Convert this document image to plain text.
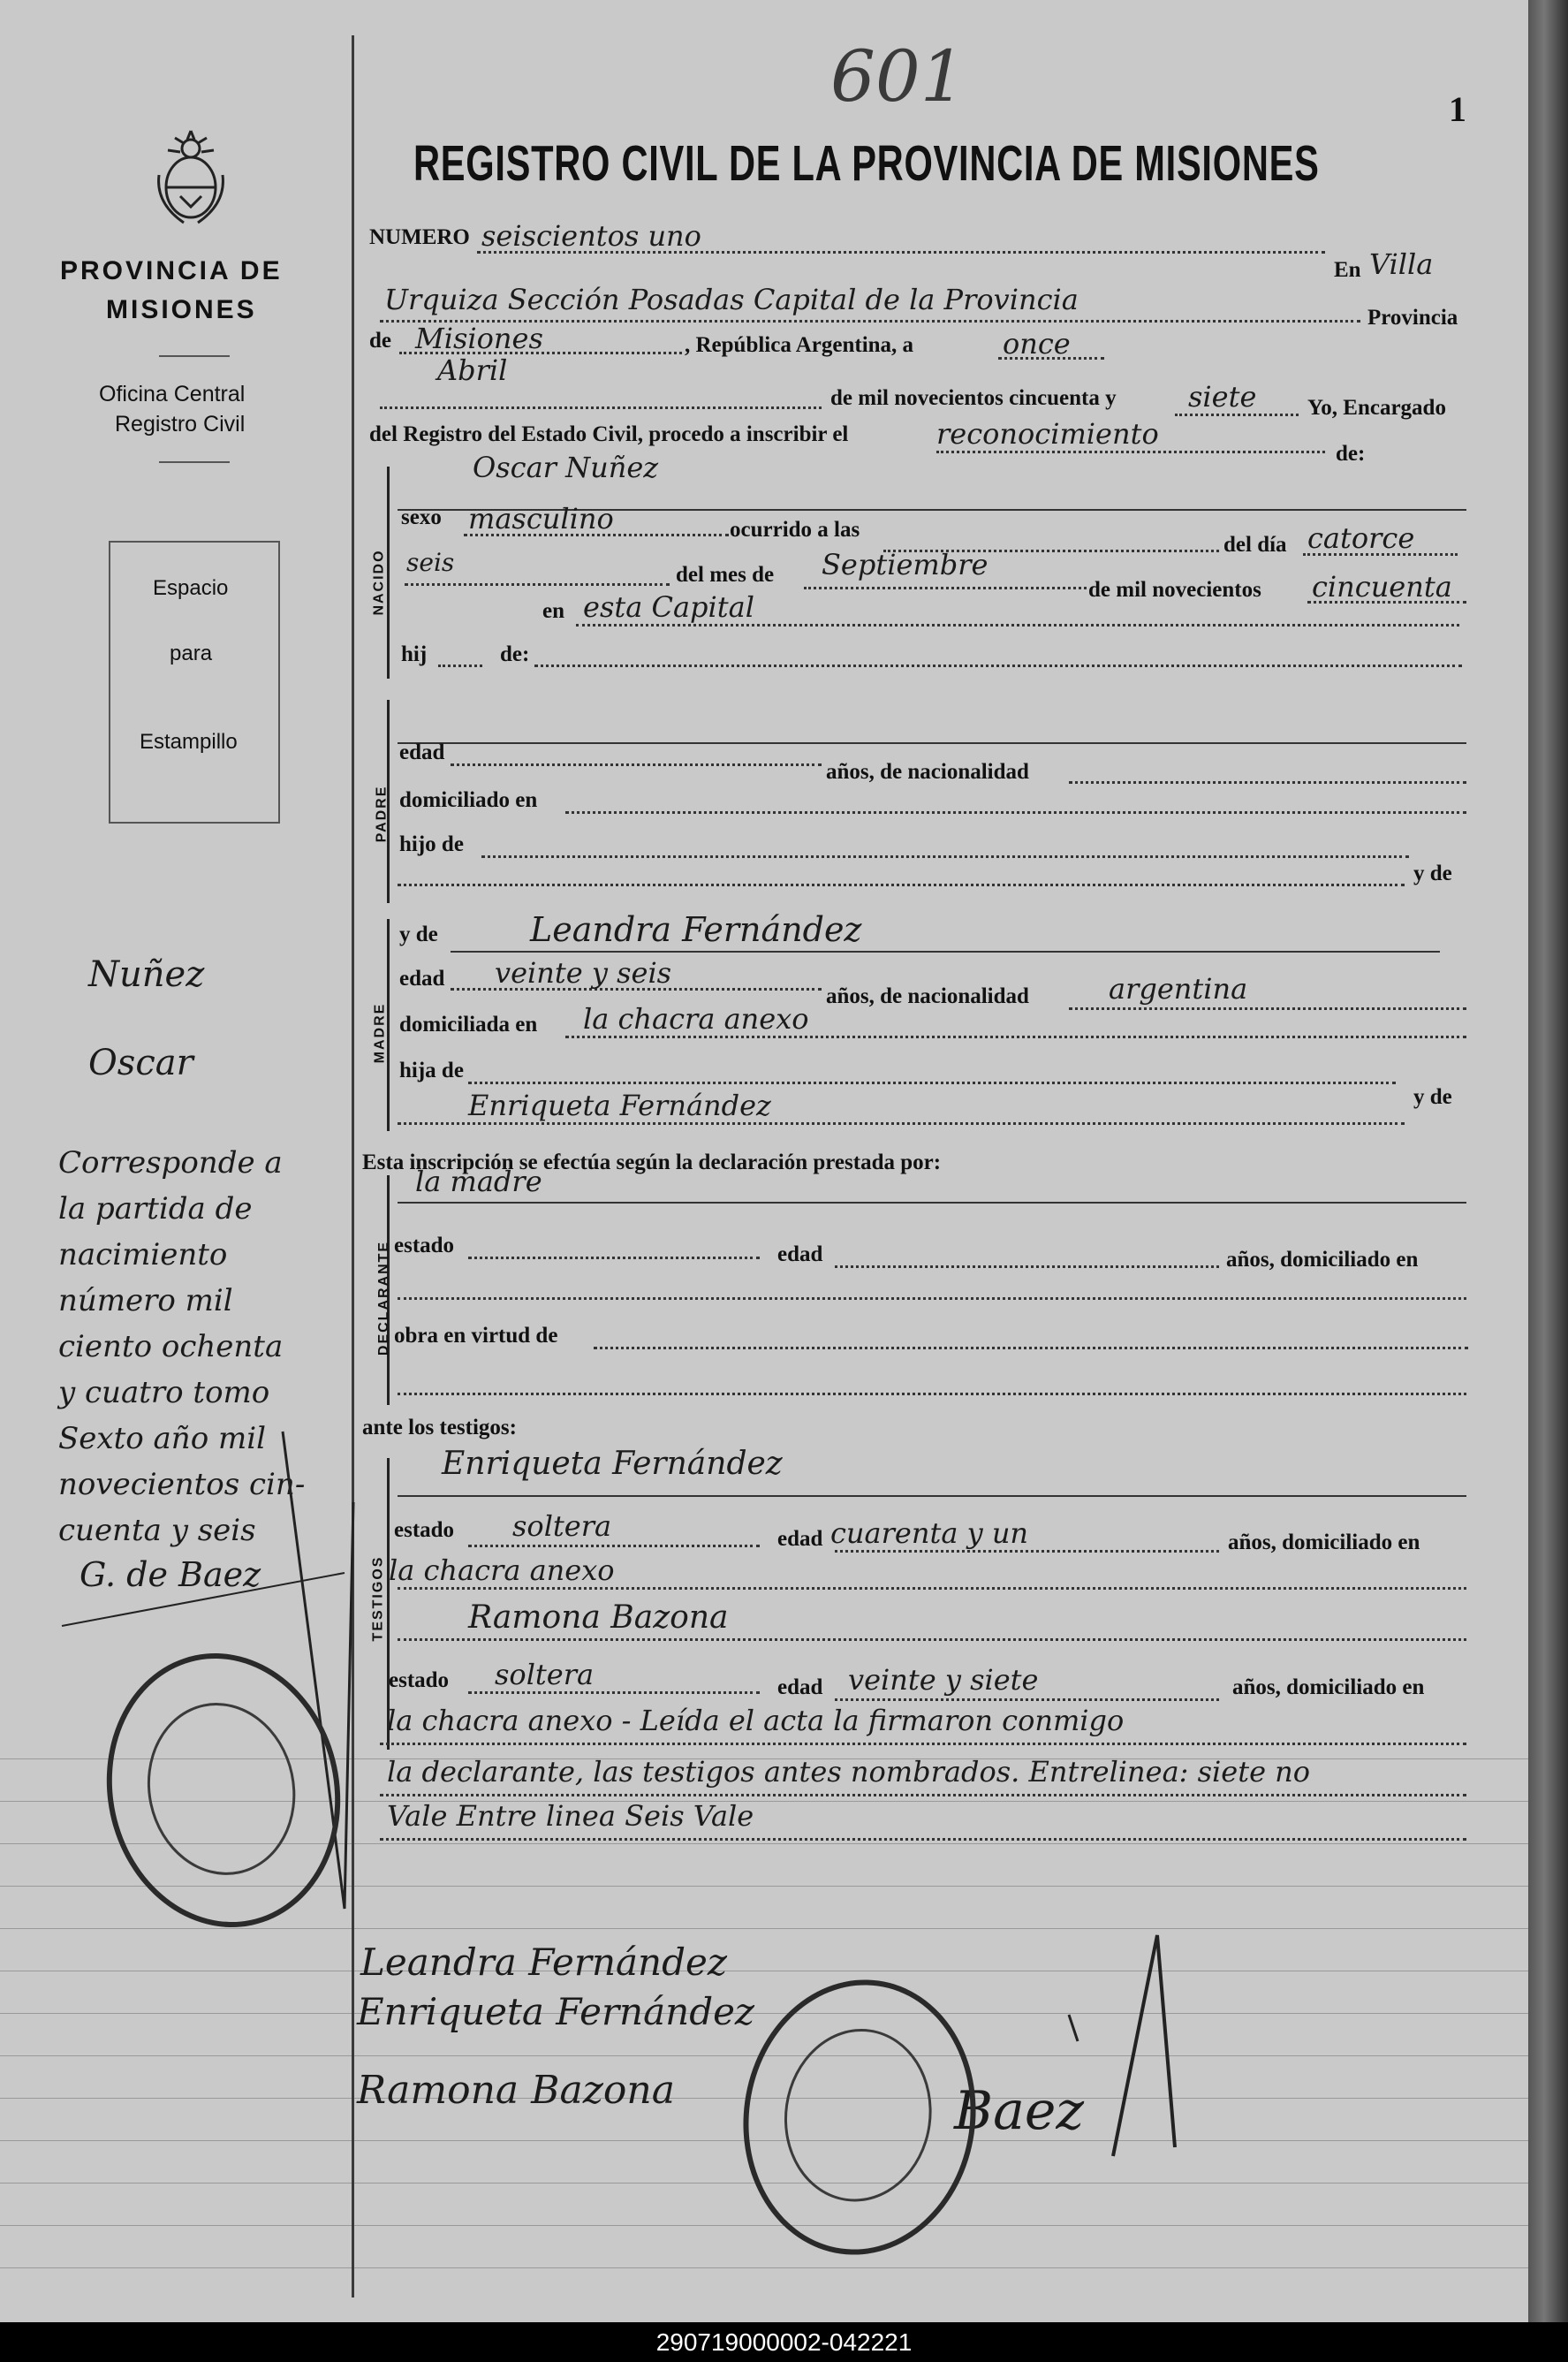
PROVINCIA DE
MISIONES
Oficina Central
Registro Civil
Espacio
para
Estampillo
Nuñez
Oscar
Corresponde a
la partida de
nacimiento
número mil
ciento ochenta
y cuatro tomo
Sexto año mil
novecientos cin-
cuenta y seis
G. de Baez
1
601
REGISTRO CIVIL DE LA PROVINCIA DE MISIONES
NUMERO seiscientos uno
En Villa
Urquiza Sección Posadas Capital de la Provincia
Provincia
de Misiones	, República Argentina, a	once
Abril
de mil novecientos cincuenta y	siete Yo, Encargado
del Registro del Estado Civil, procedo a inscribir el	reconocimiento
de:
NACIDO
Oscar Nuñez
sexo masculino	ocurrido a las
del día catorce
seis	del mes de Septiembre
de mil novecientos cincuenta
en esta Capital
hij	de:
PADRE
edad
años, de nacionalidad
domiciliado en
hijo de
y de
MADRE
y de	Leandra Fernández
edad veinte y seis
años, de nacionalidad	argentina
domiciliada en la chacra anexo
hija de
Enriqueta Fernández	y de
Esta inscripción se efectúa según la declaración prestada por:
DECLARANTE
la madre
estado	edad	años, domiciliado en
obra en virtud de
ante los testigos:
TESTIGOS
Enriqueta Fernández
estado soltera	edad cuarenta y un	años, domiciliado en
la chacra anexo
Ramona Bazona
estado soltera	edad veinte y siete	años, domiciliado en
la chacra anexo - Leída el acta la firmaron conmigo
la declarante, las testigos antes nombrados. Entrelinea: siete no
Vale Entre linea Seis Vale
Leandra Fernández
Enriqueta Fernández
Ramona Bazona	Baez
290719000002-042221
